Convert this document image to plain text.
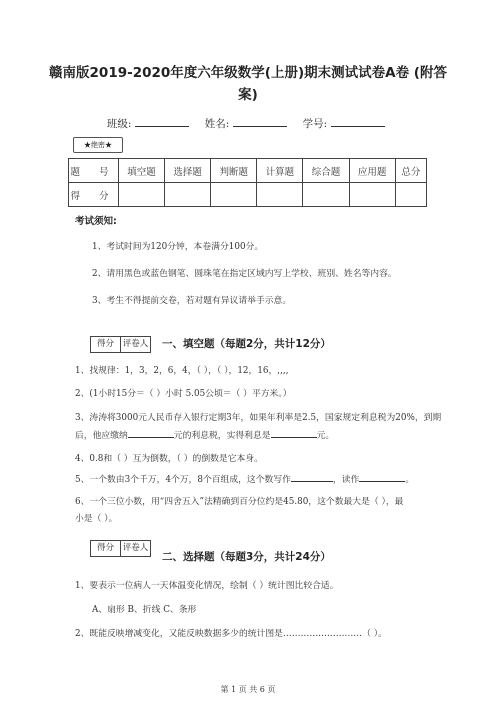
赣南版2019-2020年度六年级数学(上册)期末测试试卷A卷 (附答案)
班级:	姓名:	学号:
★绝密★
题 号	填空题	选择题	判断题	计算题	综合题	应用题	总分
得 分							
考试须知:
1、考试时间为120分钟，本卷满分100分。
2、请用黑色或蓝色钢笔、圆珠笔在指定区域内写上学校、班别、姓名等内容。
3、考生不得提前交卷，若对题有异议请举手示意。
得分	评卷人 一、填空题（每题2分，共计12分）
1、找规律：1，3，2，6，4，（ ），（ ），12，16，,,,,
2、(1小时15分＝（ ）小时 5.05公顷＝（ ）平方米。）
3、涛涛将3000元人民币存入银行定期3年，如果年利率是2.5，国家规定利息税为20%，到期
后，他应缴纳	元的利息税，实得利息是	元。
4、0.8和（ ）互为倒数，（ ）的倒数是它本身。
5、一个数由3个千万，4个万，8个百组成，这个数写作	，读作	。
6、一个三位小数，用“四舍五入”法精确到百分位约是45.80，这个数最大是（ ），最
小是（ ）。
得分	评卷人
二、选择题（每题3分，共计24分）
1、要表示一位病人一天体温变化情况，绘制（ ）统计图比较合适。
A、扇形 B、折线 C、条形
2、既能反映增减变化，又能反映数据多少的统计图是………………………（ ）。
第 1 页 共 6 页
